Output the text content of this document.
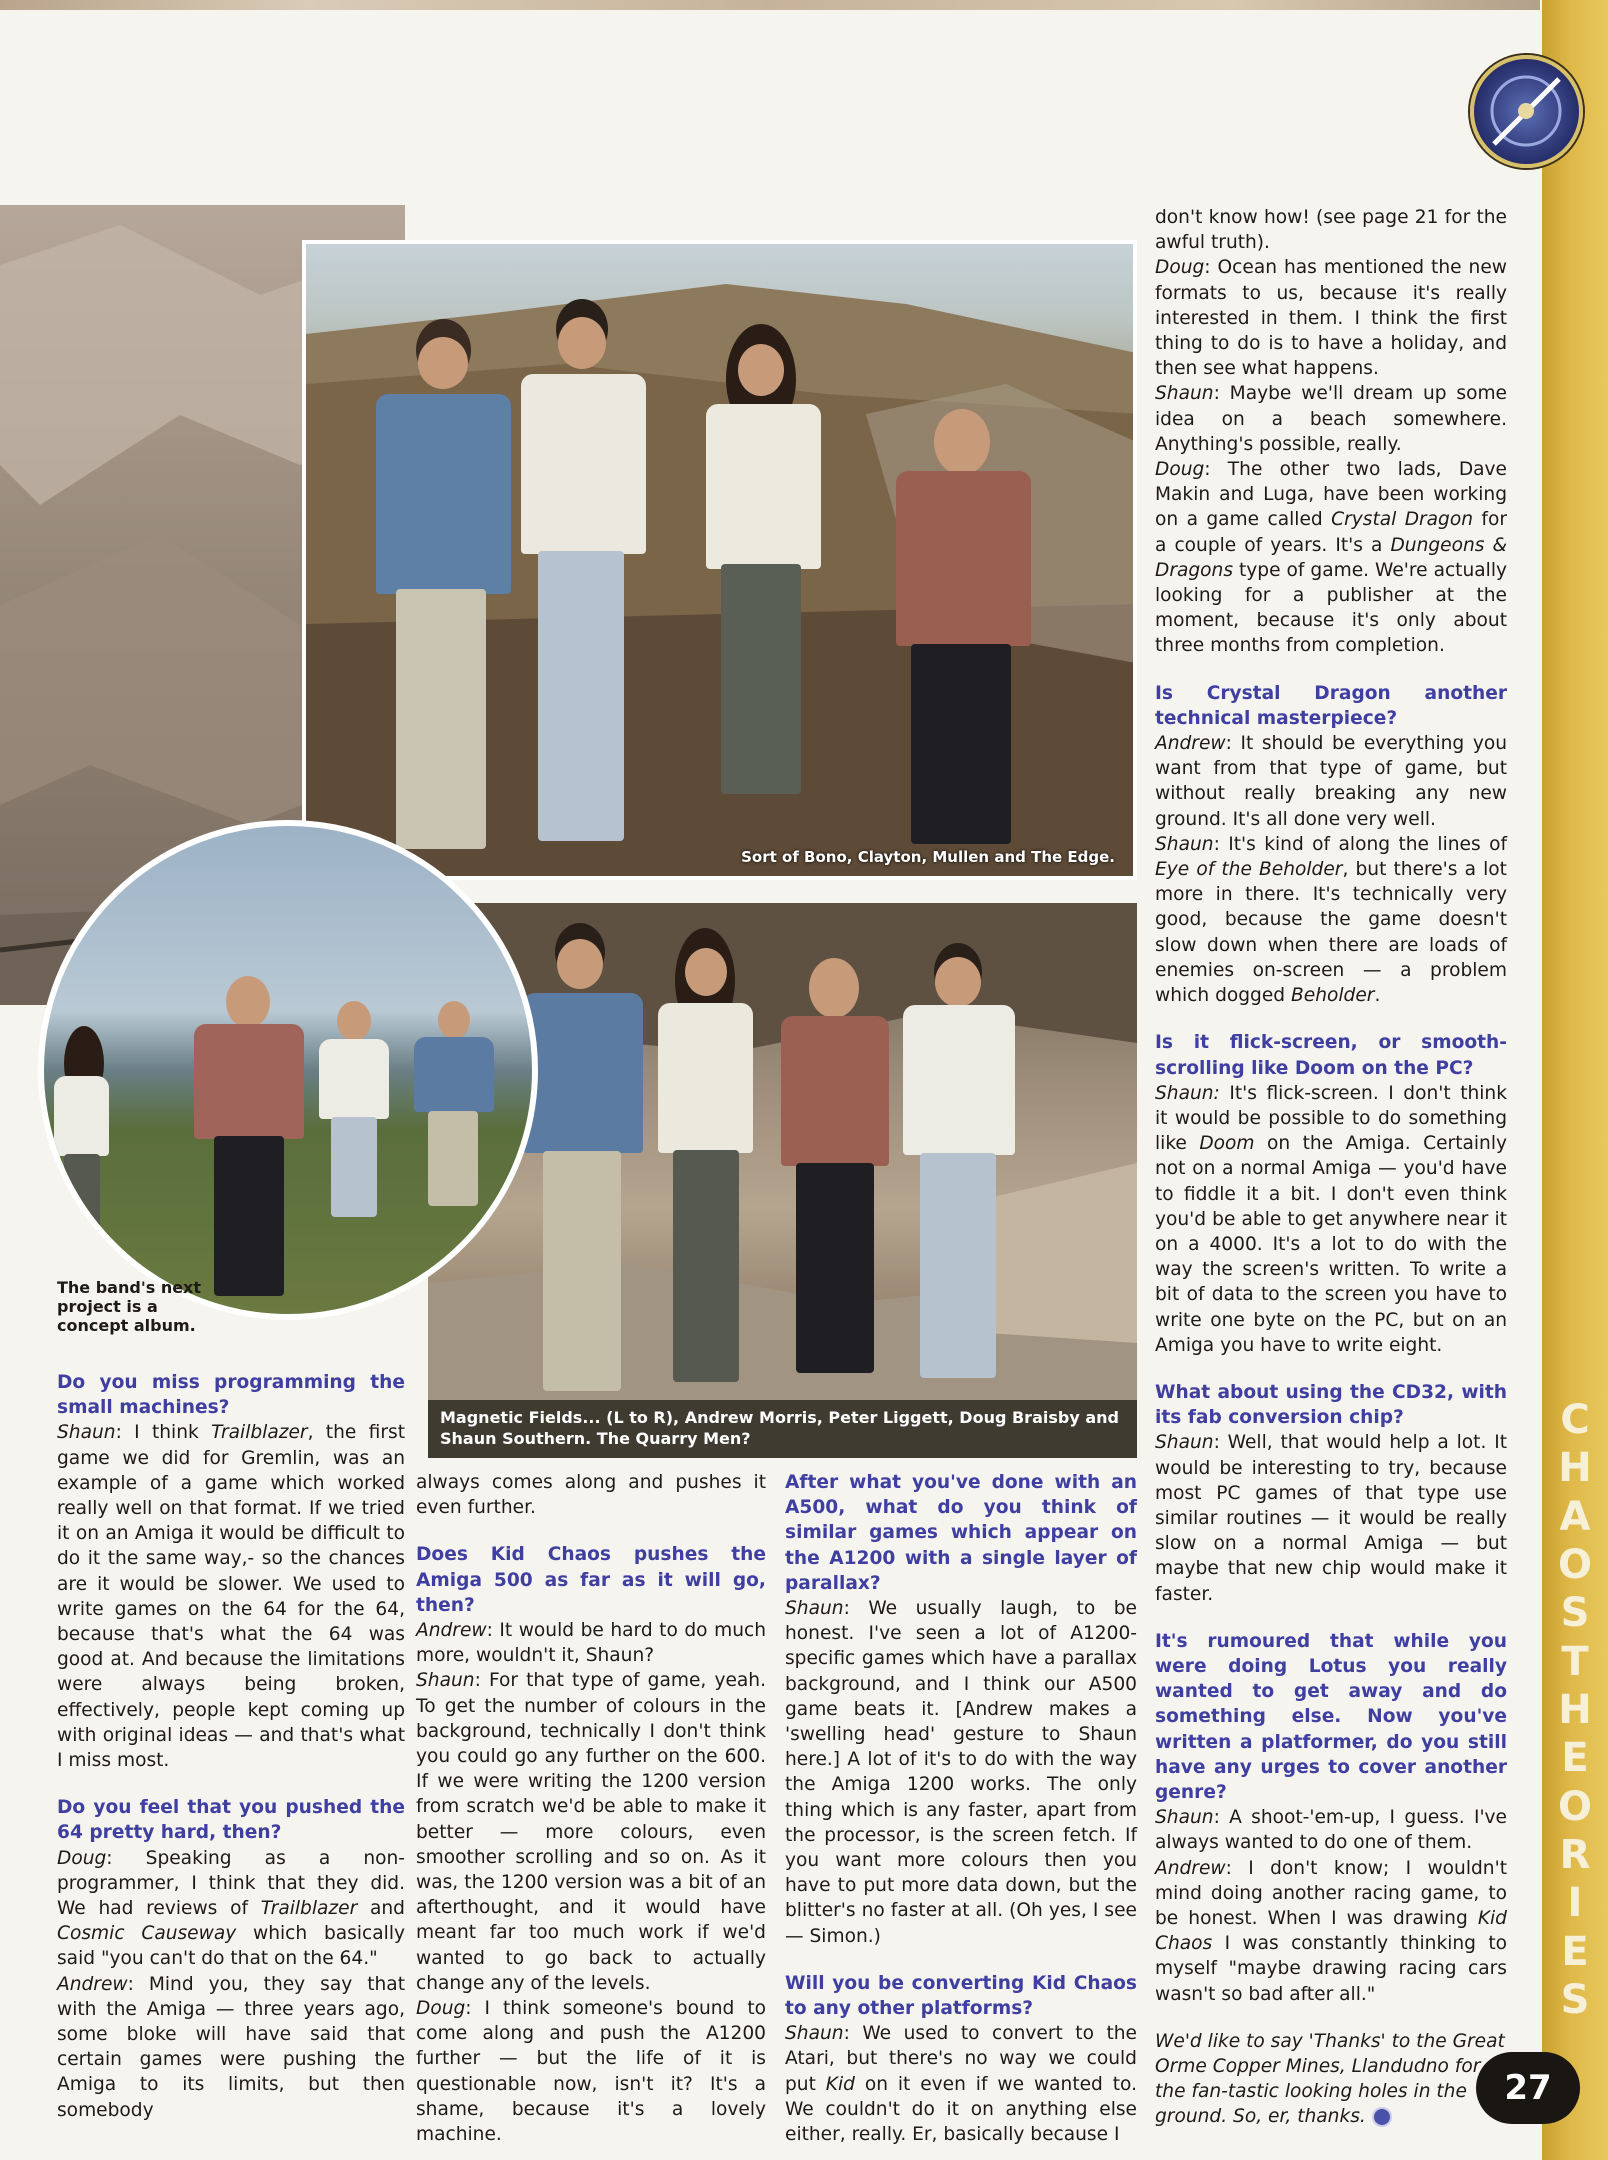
Sort of Bono, Clayton, Mullen and The Edge.
Magnetic Fields... (L to R), Andrew Morris, Peter Liggett, Doug Braisby and Shaun Southern. The Quarry Men?
The band's next project is a concept album.

Do you miss programming the small machines?

Shaun: I think Trailblazer, the first game we did for Gremlin, was an example of a game which worked really well on that format. If we tried it on an Amiga it would be difficult to do it the same way,- so the chances are it would be slower. We used to write games on the 64 for the 64, because that's what the 64 was good at. And because the limitations were always being broken, effectively, people kept coming up with original ideas — and that's what I miss most.

Do you feel that you pushed the 64 pretty hard, then?

Doug: Speaking as a non-programmer, I think that they did. We had reviews of Trailblazer and Cosmic Causeway which basically said "you can't do that on the 64."

Andrew: Mind you, they say that with the Amiga — three years ago, some bloke will have said that certain games were pushing the Amiga to its limits, but then somebody

always comes along and pushes it even further.

Does Kid Chaos pushes the Amiga 500 as far as it will go, then?

Andrew: It would be hard to do much more, wouldn't it, Shaun?

Shaun: For that type of game, yeah. To get the number of colours in the background, technically I don't think you could go any further on the 600. If we were writing the 1200 version from scratch we'd be able to make it better — more colours, even smoother scrolling and so on. As it was, the 1200 version was a bit of an afterthought, and it would have meant far too much work if we'd wanted to go back to actually change any of the levels.

Doug: I think someone's bound to come along and push the A1200 further — but the life of it is questionable now, isn't it? It's a shame, because it's a lovely machine.

After what you've done with an A500, what do you think of similar games which appear on the A1200 with a single layer of parallax?

Shaun: We usually laugh, to be honest. I've seen a lot of A1200-specific games which have a parallax background, and I think our A500 game beats it. [Andrew makes a 'swelling head' gesture to Shaun here.] A lot of it's to do with the way the Amiga 1200 works. The only thing which is any faster, apart from the processor, is the screen fetch. If you want more colours then you have to put more data down, but the blitter's no faster at all. (Oh yes, I see — Simon.)

Will you be converting Kid Chaos to any other platforms?

Shaun: We used to convert to the Atari, but there's no way we could put Kid on it even if we wanted to. We couldn't do it on anything else either, really. Er, basically because I

don't know how! (see page 21 for the awful truth).

Doug: Ocean has mentioned the new formats to us, because it's really interested in them. I think the first thing to do is to have a holiday, and then see what happens.

Shaun: Maybe we'll dream up some idea on a beach somewhere. Anything's possible, really.

Doug: The other two lads, Dave Makin and Luga, have been working on a game called Crystal Dragon for a couple of years. It's a Dungeons & Dragons type of game. We're actually looking for a publisher at the moment, because it's only about three months from completion.

Is Crystal Dragon another technical masterpiece?

Andrew: It should be everything you want from that type of game, but without really breaking any new ground. It's all done very well.

Shaun: It's kind of along the lines of Eye of the Beholder, but there's a lot more in there. It's technically very good, because the game doesn't slow down when there are loads of enemies on-screen — a problem which dogged Beholder.

Is it flick-screen, or smooth-scrolling like Doom on the PC?

Shaun: It's flick-screen. I don't think it would be possible to do something like Doom on the Amiga. Certainly not on a normal Amiga — you'd have to fiddle it a bit. I don't even think you'd be able to get anywhere near it on a 4000. It's a lot to do with the way the screen's written. To write a bit of data to the screen you have to write one byte on the PC, but on an Amiga you have to write eight.

What about using the CD32, with its fab conversion chip?

Shaun: Well, that would help a lot. It would be interesting to try, because most PC games of that type use similar routines — it would be really slow on a normal Amiga — but maybe that new chip would make it faster.

It's rumoured that while you were doing Lotus you really wanted to get away and do something else. Now you've written a platformer, do you still have any urges to cover another genre?

Shaun: A shoot-'em-up, I guess. I've always wanted to do one of them.

Andrew: I don't know; I wouldn't mind doing another racing game, to be honest. When I was drawing Kid Chaos I was constantly thinking to myself "maybe drawing racing cars wasn't so bad after all."

We'd like to say 'Thanks' to the Great Orme Copper Mines, Llandudno for the fan-tastic looking holes in the ground. So, er, thanks.

C
H
A
O
S
T
H
E
O
R
I
E
S
27
